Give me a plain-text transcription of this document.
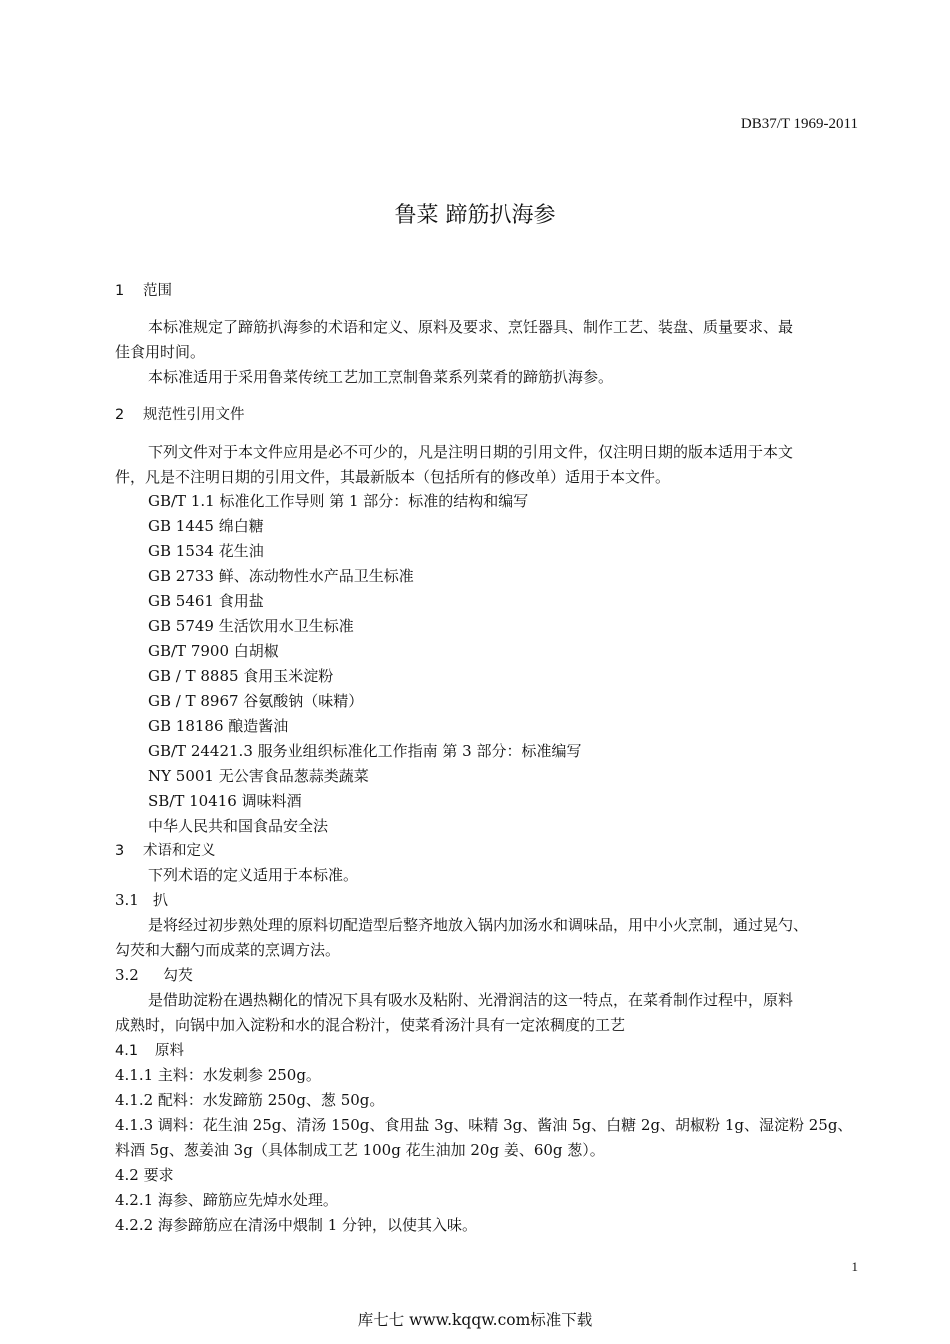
DB37/T 1969-2011
鲁菜 蹄筋扒海参
1 范围
本标准规定了蹄筋扒海参的术语和定义、原料及要求、烹饪器具、制作工艺、装盘、质量要求、最
佳食用时间。
本标准适用于采用鲁菜传统工艺加工烹制鲁菜系列菜肴的蹄筋扒海参。
2 规范性引用文件
下列文件对于本文件应用是必不可少的，凡是注明日期的引用文件，仅注明日期的版本适用于本文
件，凡是不注明日期的引用文件，其最新版本（包括所有的修改单）适用于本文件。
GB/T 1.1 标准化工作导则 第 1 部分：标准的结构和编写
GB 1445 绵白糖
GB 1534 花生油
GB 2733 鲜、冻动物性水产品卫生标准
GB 5461 食用盐
GB 5749 生活饮用水卫生标准
GB/T 7900 白胡椒
GB / T 8885 食用玉米淀粉
GB / T 8967 谷氨酸钠（味精）
GB 18186 酿造酱油
GB/T 24421.3 服务业组织标准化工作指南 第 3 部分：标准编写
NY 5001 无公害食品葱蒜类蔬菜
SB/T 10416 调味料酒
中华人民共和国食品安全法
3 术语和定义
下列术语的定义适用于本标准。
3.1 扒
是将经过初步熟处理的原料切配造型后整齐地放入锅内加汤水和调味品，用中小火烹制，通过晃勺、
勾芡和大翻勺而成菜的烹调方法。
3.2 勾芡
是借助淀粉在遇热糊化的情况下具有吸水及粘附、光滑润洁的这一特点，在菜肴制作过程中，原料
成熟时，向锅中加入淀粉和水的混合粉汁，使菜肴汤汁具有一定浓稠度的工艺
4.1 原料
4.1.1 主料：水发刺参 250g。
4.1.2 配料：水发蹄筋 250g、葱 50g。
4.1.3 调料：花生油 25g、清汤 150g、食用盐 3g、味精 3g、酱油 5g、白糖 2g、胡椒粉 1g、湿淀粉 25g、
料酒 5g、葱姜油 3g（具体制成工艺 100g 花生油加 20g 姜、60g 葱）。
4.2 要求
4.2.1 海参、蹄筋应先焯水处理。
4.2.2 海参蹄筋应在清汤中煨制 1 分钟，以使其入味。
1
库七七 www.kqqw.com标准下载
